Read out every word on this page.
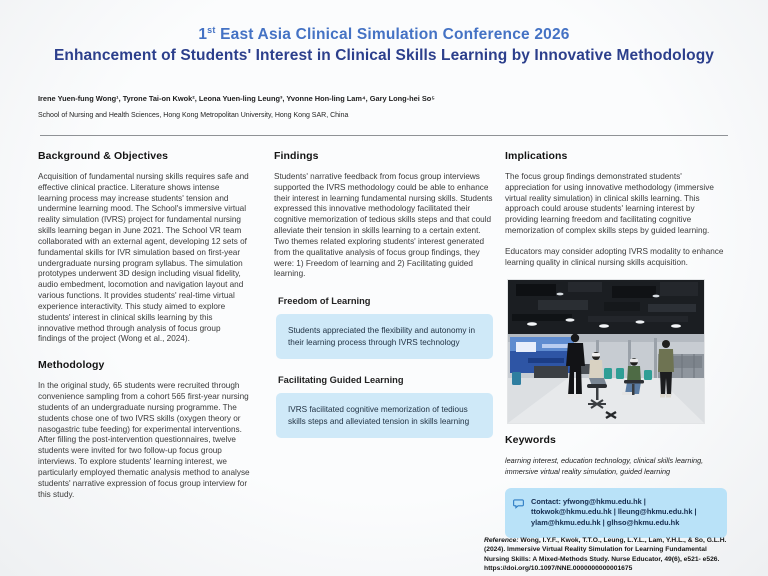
1st East Asia Clinical Simulation Conference 2026
Enhancement of Students' Interest in Clinical Skills Learning by Innovative Methodology
Irene Yuen-fung Wong¹, Tyrone Tai-on Kwok², Leona Yuen-ling Leung³, Yvonne Hon-ling Lam⁴, Gary Long-hei So⁵
School of Nursing and Health Sciences, Hong Kong Metropolitan University, Hong Kong SAR, China
Background & Objectives

Acquisition of fundamental nursing skills requires safe and effective clinical practice. Literature shows intense learning process may increase students' tension and undermine learning mood. The School's immersive virtual reality simulation (IVRS) project for fundamental nursing skills learning began in June 2021. The School VR team collaborated with an external agent, developing 12 sets of fundamental skills for IVR simulation based on first-year undergraduate nursing program syllabus. The simulation prototypes underwent 3D design including visual fidelity, audio embedment, locomotion and navigation layout and various functions. It provides students' real-time virtual experience interactivity. This study aimed to explore students' interest in clinical skills learning by this innovative method through analysis of focus group findings of the project (Wong et al., 2024).

Methodology

In the original study, 65 students were recruited through convenience sampling from a cohort 565 first-year nursing students of an undergraduate nursing programme. The students chose one of two IVRS skills (oxygen theory or nasogastric tube feeding) for experimental interventions. After filling the post-intervention questionnaires, twelve students were invited for two follow-up focus group interviews. To explore students' learning interest, we particularly employed thematic analysis method to analyse students' narrative expression of focus group interview for this study.

Findings

Students' narrative feedback from focus group interviews supported the IVRS methodology could be able to enhance their interest in learning fundamental nursing skills. Students expressed this innovative methodology facilitated their cognitive memorization of tedious skills steps and that could alleviate their tension in skills learning to a certain extent. Two themes related exploring students' interest generated from the qualitative analysis of focus group findings, they were: 1) Freedom of learning and 2) Facilitating guided learning.

Freedom of Learning
Students appreciated the flexibility and autonomy in their learning process through IVRS technology
Facilitating Guided Learning
IVRS facilitated cognitive memorization of tedious skills steps and alleviated tension in skills learning
Implications

The focus group findings demonstrated students' appreciation for using innovative methodology (immersive virtual reality simulation) in clinical skills learning. This approach could arouse students' learning interest by providing learning freedom and facilitating cognitive memorization of complex skills steps by guided learning.

Educators may consider adopting IVRS modality to enhance learning quality in clinical nursing skills acquisition.

Keywords

learning interest, education technology, clinical skills learning, immersive virtual reality simulation, guided learning

Contact: yfwong@hkmu.edu.hk | ttokwok@hkmu.edu.hk | lleung@hkmu.edu.hk | ylam@hkmu.edu.hk | glhso@hkmu.edu.hk
Reference: Wong, I.Y.F., Kwok, T.T.O., Leung, L.Y.L., Lam, Y.H.L., & So, G.L.H. (2024). Immersive Virtual Reality Simulation for Learning Fundamental Nursing Skills: A Mixed-Methods Study. Nurse Educator, 49(6), e521- e526. https://doi.org/10.1097/NNE.0000000000001675
